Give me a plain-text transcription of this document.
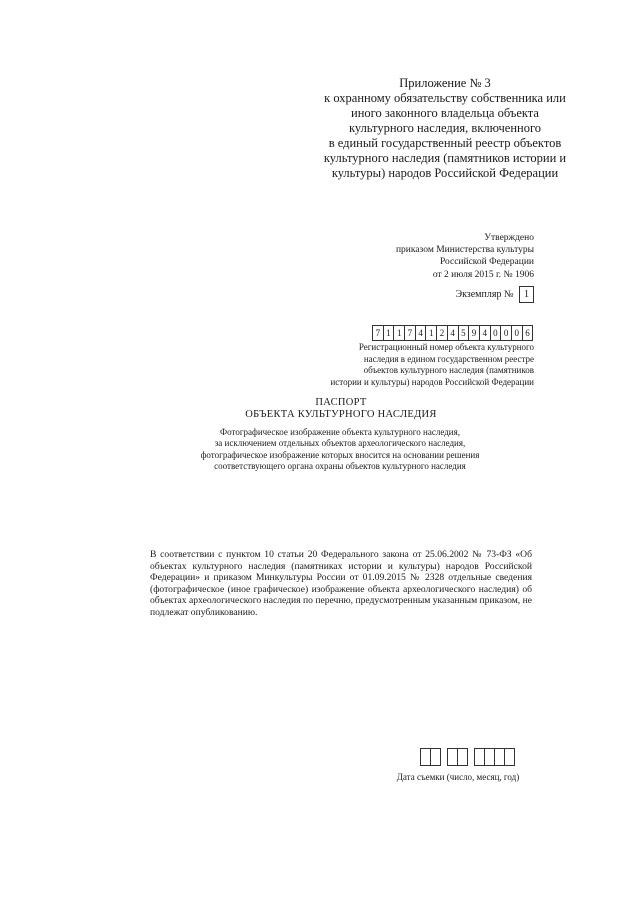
Приложение № 3
к охранному обязательству собственника или
иного законного владельца объекта
культурного наследия, включенного
в единый государственный реестр объектов
культурного наследия (памятников истории и
культуры) народов Российской Федерации
Утверждено
приказом Министерства культуры
Российской Федерации
от 2 июля 2015 г. № 1906
Экземпляр № 1
7 1 1 7 4 1 2 4 5 9 4 0 0 0 6
Регистрационный номер объекта культурного
наследия в едином государственном реестре
объектов культурного наследия (памятников
истории и культуры) народов Российской Федерации
ПАСПОРТ
ОБЪЕКТА КУЛЬТУРНОГО НАСЛЕДИЯ
Фотографическое изображение объекта культурного наследия,
за исключением отдельных объектов археологического наследия,
фотографическое изображение которых вносится на основании решения
соответствующего органа охраны объектов культурного наследия
В соответствии с пунктом 10 статьи 20 Федерального закона от 25.06.2002 № 73-ФЗ «Об объектах культурного наследия (памятниках истории и культуры) народов Российской Федерации» и приказом Минкультуры России от 01.09.2015 № 2328 отдельные сведения (фотографическое (иное графическое) изображение объекта археологического наследия) об объектах археологического наследия по перечню, предусмотренным указанным приказом, не подлежат опубликованию.
Дата съемки (число, месяц, год)
